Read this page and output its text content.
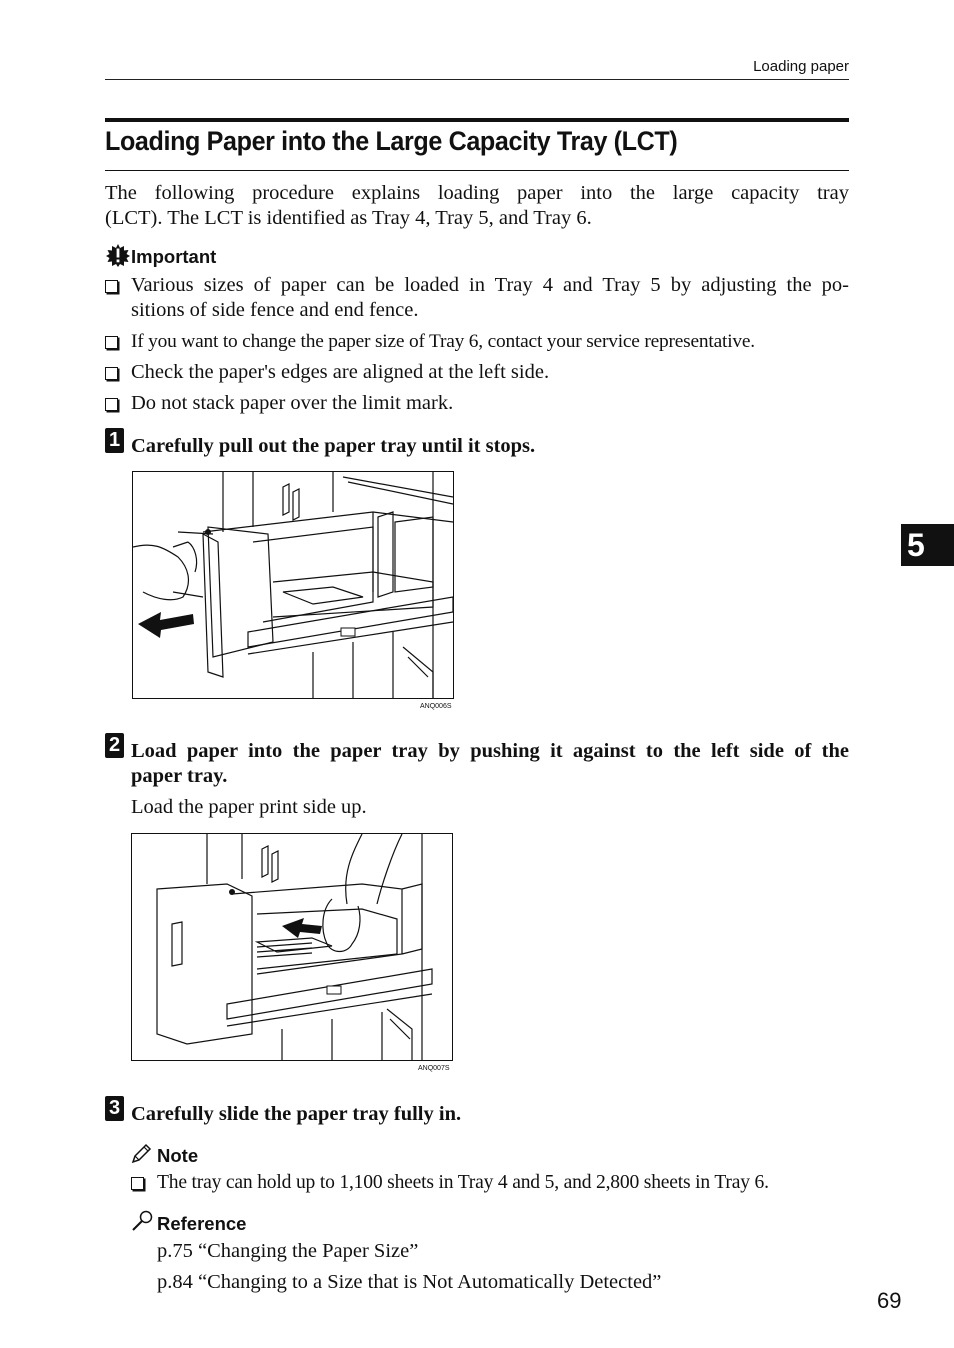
Loading paper
Loading Paper into the Large Capacity Tray (LCT)
The following procedure explains loading paper into the large capacity tray
(LCT). The LCT is identified as Tray 4, Tray 5, and Tray 6.
Important
Various sizes of paper can be loaded in Tray 4 and Tray 5 by adjusting the po-
sitions of side fence and end fence.
If you want to change the paper size of Tray 6, contact your service representative.
Check the paper's edges are aligned at the left side.
Do not stack paper over the limit mark.
1 Carefully pull out the paper tray until it stops.
ANQ006S
2 Load paper into the paper tray by pushing it against to the left side of the
paper tray.
Load the paper print side up.
ANQ007S
3 Carefully slide the paper tray fully in.
Note
The tray can hold up to 1,100 sheets in Tray 4 and 5, and 2,800 sheets in Tray 6.
Reference
p.75 “Changing the Paper Size”
p.84 “Changing to a Size that is Not Automatically Detected”
5
69
